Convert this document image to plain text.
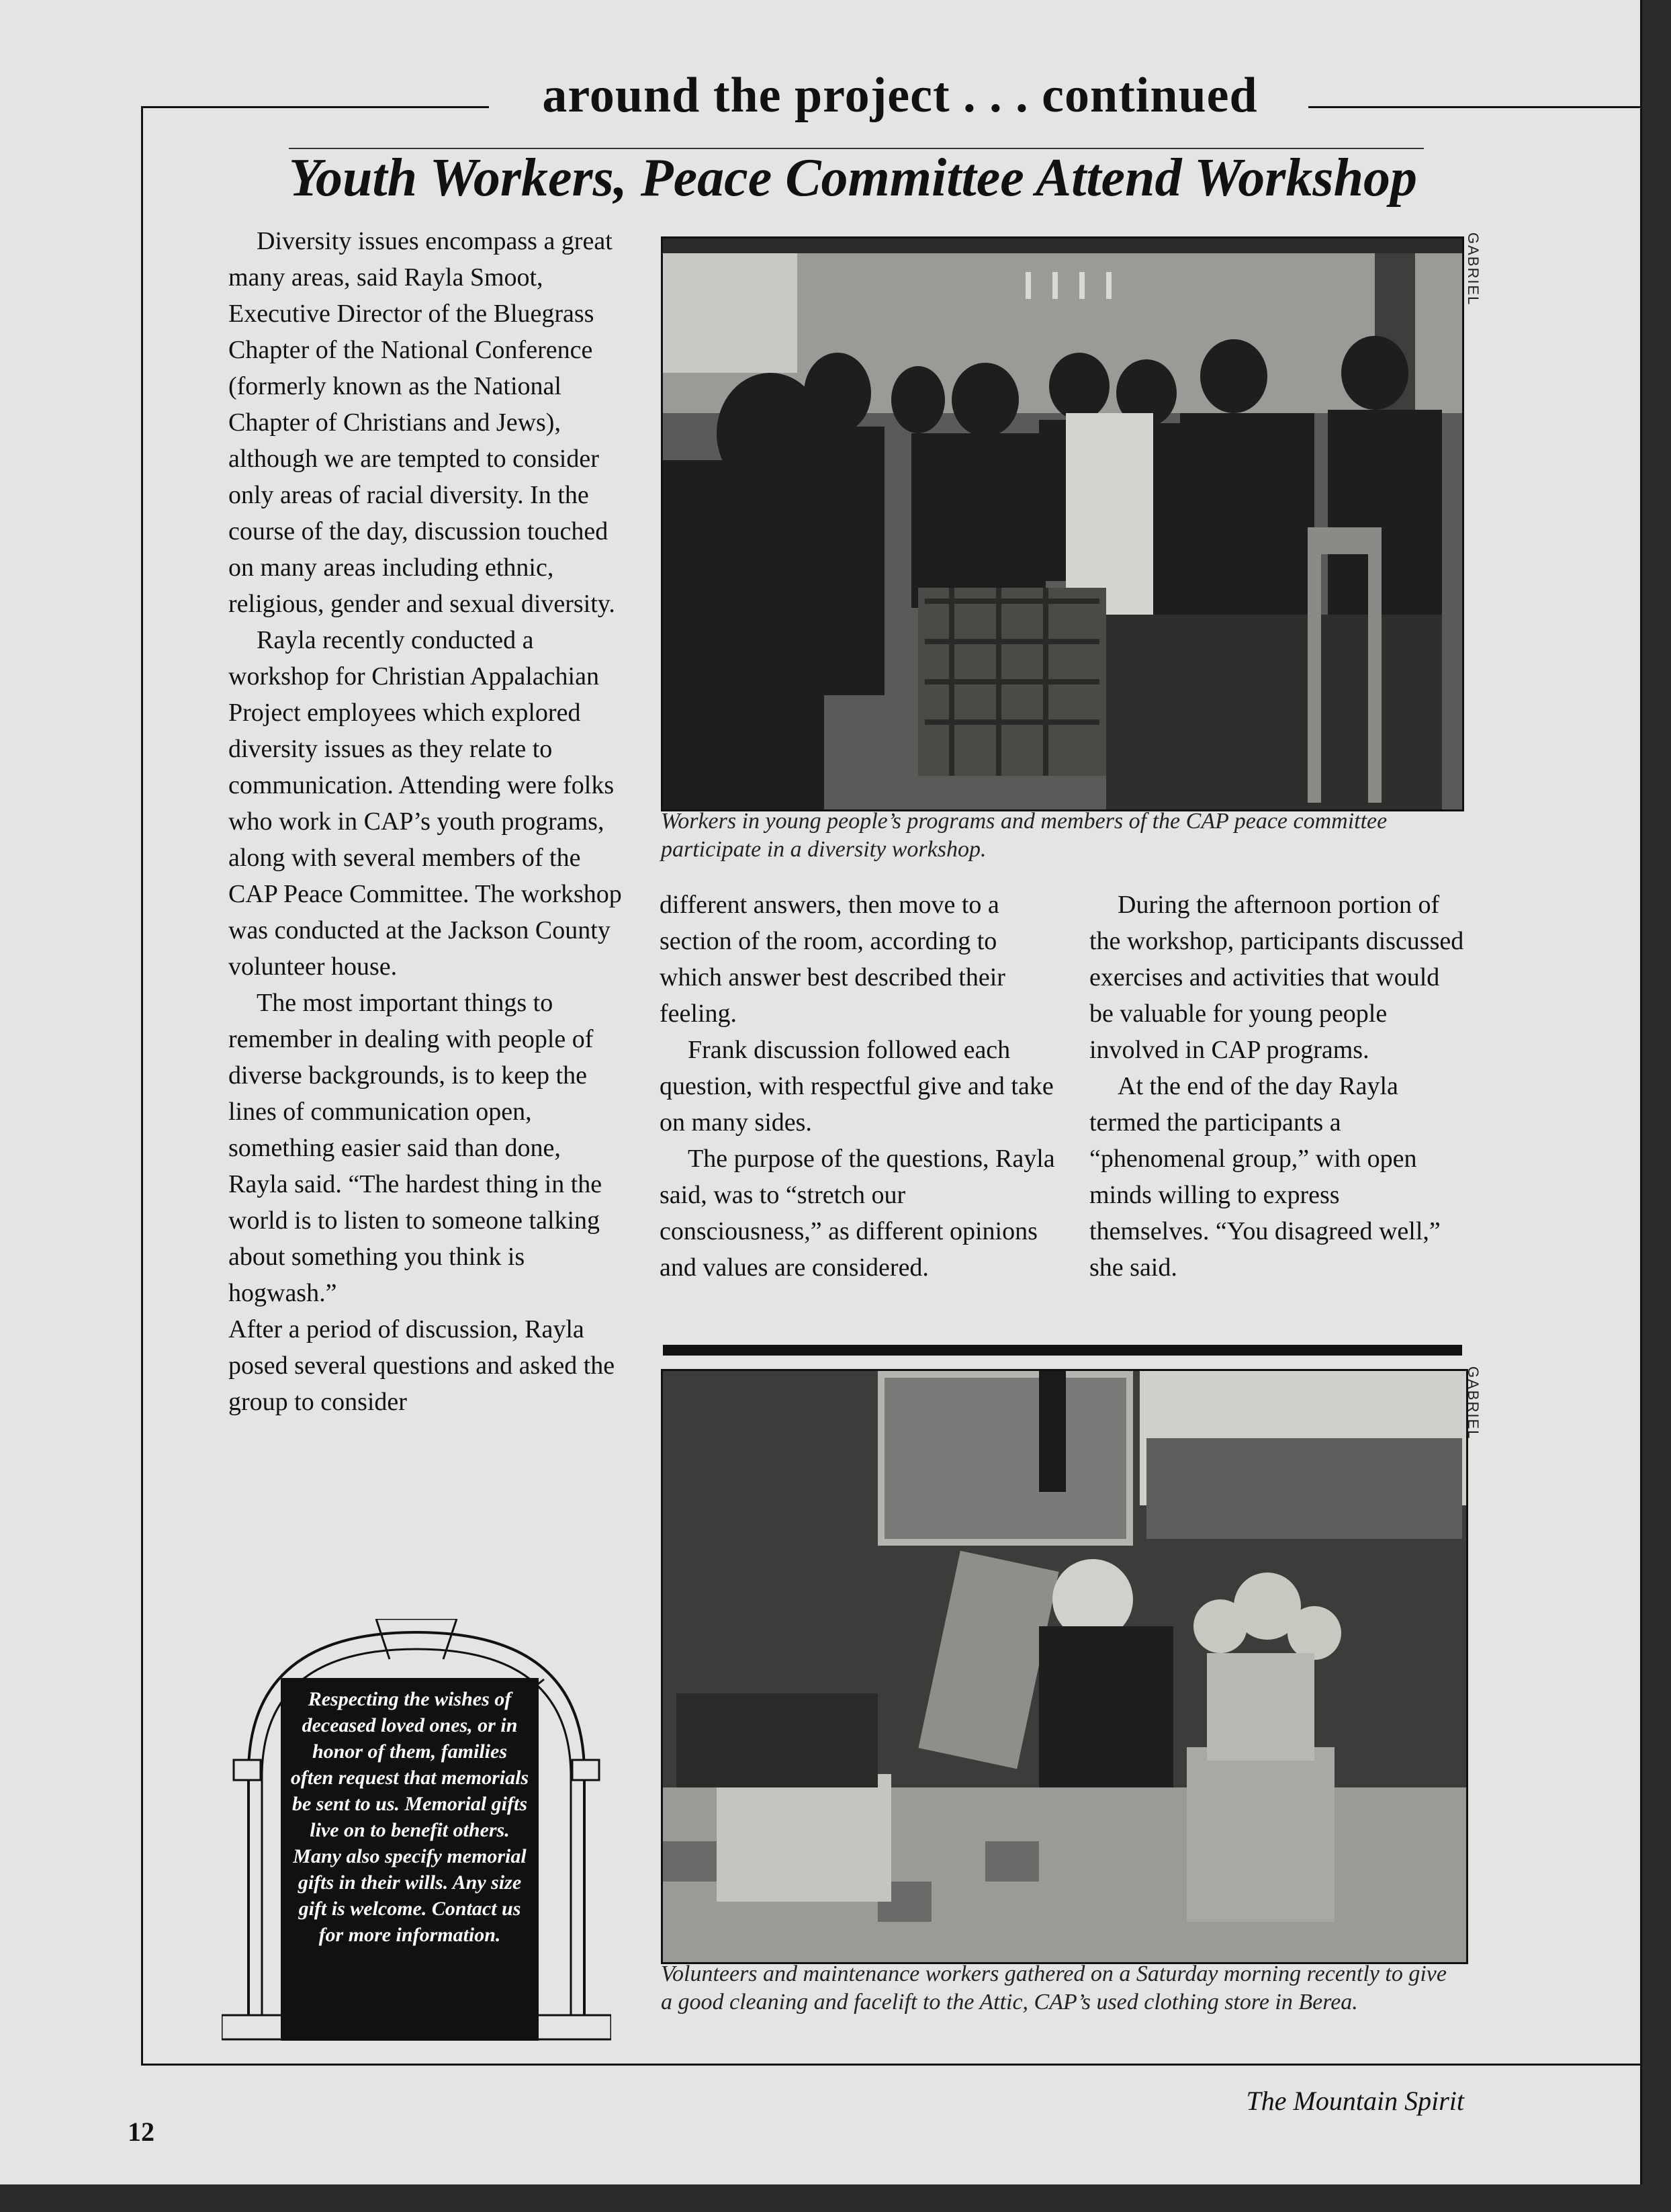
around the project . . . continued
Youth Workers, Peace Committee Attend Workshop

Diversity issues encompass a great many areas, said Rayla Smoot, Executive Director of the Bluegrass Chapter of the National Conference (formerly known as the National Chapter of Christians and Jews), although we are tempted to consider only areas of racial diversity. In the course of the day, discussion touched on many areas including ethnic, religious, gender and sexual diversity.

Rayla recently conducted a workshop for Christian Appalachian Project employees which explored diversity issues as they relate to communication. Attending were folks who work in CAP’s youth programs, along with several members of the CAP Peace Committee. The workshop was conducted at the Jackson County volunteer house.

The most important things to remember in dealing with people of diverse backgrounds, is to keep the lines of communication open, something easier said than done, Rayla said. “The hardest thing in the world is to listen to someone talking about something you think is hogwash.”

After a period of discussion, Rayla posed several questions and asked the group to consider

GABRIEL
Workers in young people’s programs and members of the CAP peace committee participate in a diversity workshop.

different answers, then move to a section of the room, according to which answer best described their feeling.

Frank discussion followed each question, with respectful give and take on many sides.

The purpose of the questions, Rayla said, was to “stretch our consciousness,” as different opinions and values are considered.

During the afternoon portion of the workshop, participants discussed exercises and activities that would be valuable for young people involved in CAP programs.

At the end of the day Rayla termed the participants a “phenomenal group,” with open minds willing to express themselves. “You disagreed well,” she said.

GABRIEL
Volunteers and maintenance workers gathered on a Saturday morning recently to give a good cleaning and facelift to the Attic, CAP’s used clothing store in Berea.
Respecting the wishes of deceased loved ones, or in honor of them, families often request that memorials be sent to us. Memorial gifts live on to benefit others. Many also specify memorial gifts in their wills. Any size gift is welcome. Contact us for more information.
12
The Mountain Spirit
